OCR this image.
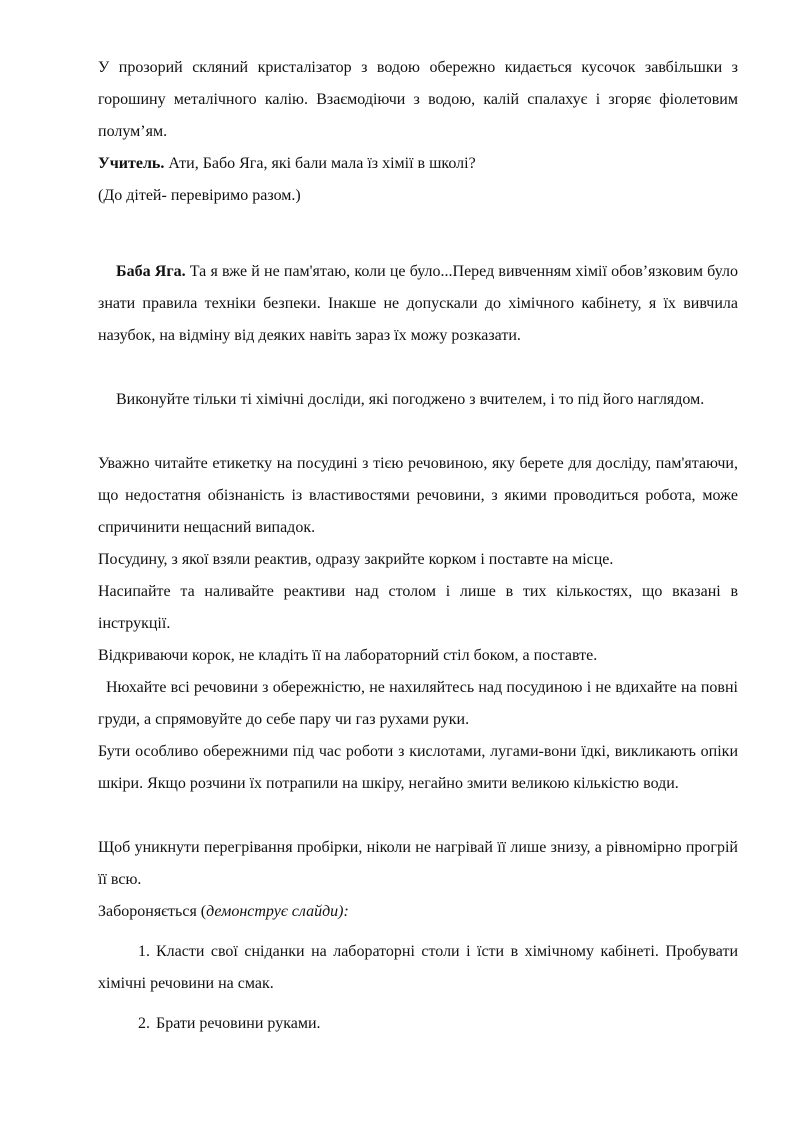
У прозорий скляний кристалізатор з водою обережно кидається кусочок завбільшки з горошину металічного калію. Взаємодіючи з водою, калій спалахує і згоряє фіолетовим полум’ям.

Учитель. Ати, Бабо Яга, які бали мала їз хімії в школі?

(До дітей- перевіримо разом.)

Баба Яга. Та я вже й не пам'ятаю, коли це було...Перед вивченням хімії обов’язковим було знати правила техніки безпеки. Інакше не допускали до хімічного кабінету, я їх вивчила назубок, на відміну від деяких навіть зараз їх можу розказати.

Виконуйте тільки ті хімічні досліди, які погоджено з вчителем, і то під його наглядом.

Уважно читайте етикетку на посудині з тією речовиною, яку берете для досліду, пам'ятаючи, що недостатня обізнаність із властивостями речовини, з якими проводиться робота, може спричинити нещасний випадок.

Посудину, з якої взяли реактив, одразу закрийте корком і поставте на місце.

Насипайте та наливайте реактиви над столом і лише в тих кількостях, що вказані в інструкції.

Відкриваючи корок, не кладіть її на лабораторний стіл боком, а поставте.

Нюхайте всі речовини з обережністю, не нахиляйтесь над посудиною і не вдихайте на повні груди, а спрямовуйте до себе пару чи газ рухами руки.

Бути особливо обережними під час роботи з кислотами, лугами-вони їдкі, викликають опіки шкіри. Якщо розчини їх потрапили на шкіру, негайно змити великою кількістю води.

Щоб уникнути перегрівання пробірки, ніколи не нагрівай її лише знизу, а рівномірно прогрій її всю.

Забороняється (демонструє слайди):

1. Класти свої сніданки на лабораторні столи і їсти в хімічному кабінеті. Пробувати хімічні речовини на смак.

2. Брати речовини руками.
